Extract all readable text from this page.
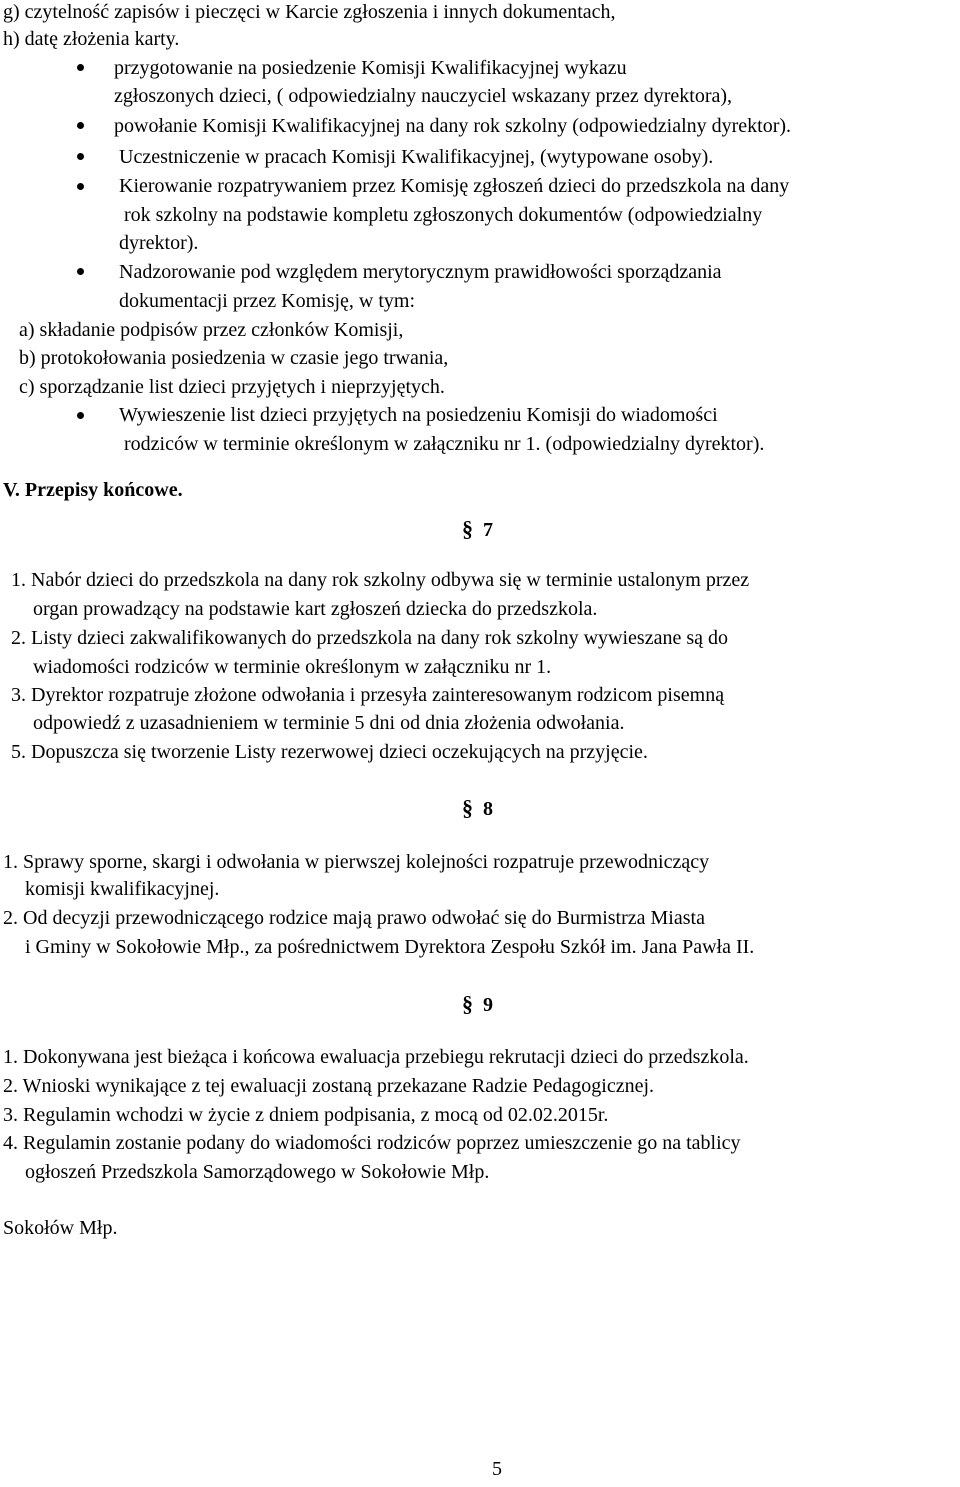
g) czytelność zapisów i pieczęci w Karcie zgłoszenia i innych dokumentach,
h) datę złożenia karty.
przygotowanie na posiedzenie Komisji Kwalifikacyjnej wykazu
zgłoszonych dzieci, ( odpowiedzialny nauczyciel wskazany przez dyrektora),
powołanie Komisji Kwalifikacyjnej na dany rok szkolny (odpowiedzialny dyrektor).
Uczestniczenie w pracach Komisji Kwalifikacyjnej, (wytypowane osoby).
Kierowanie rozpatrywaniem przez Komisję zgłoszeń dzieci do przedszkola na dany
rok szkolny na podstawie kompletu zgłoszonych dokumentów (odpowiedzialny
dyrektor).
Nadzorowanie pod względem merytorycznym prawidłowości sporządzania
dokumentacji przez Komisję, w tym:
a) składanie podpisów przez członków Komisji,
b) protokołowania posiedzenia w czasie jego trwania,
c) sporządzanie list dzieci przyjętych i nieprzyjętych.
Wywieszenie list dzieci przyjętych na posiedzeniu Komisji do wiadomości
rodziców w terminie określonym w załączniku nr 1. (odpowiedzialny dyrektor).
V. Przepisy końcowe.
§ 7
1. Nabór dzieci do przedszkola na dany rok szkolny odbywa się w terminie ustalonym przez
organ prowadzący na podstawie kart zgłoszeń dziecka do przedszkola.
2. Listy dzieci zakwalifikowanych do przedszkola na dany rok szkolny wywieszane są do
wiadomości rodziców w terminie określonym w załączniku nr 1.
3. Dyrektor rozpatruje złożone odwołania i przesyła zainteresowanym rodzicom pisemną
odpowiedź z uzasadnieniem w terminie 5 dni od dnia złożenia odwołania.
5. Dopuszcza się tworzenie Listy rezerwowej dzieci oczekujących na przyjęcie.
§ 8
1. Sprawy sporne, skargi i odwołania w pierwszej kolejności rozpatruje przewodniczący
komisji kwalifikacyjnej.
2. Od decyzji przewodniczącego rodzice mają prawo odwołać się do Burmistrza Miasta
i Gminy w Sokołowie Młp., za pośrednictwem Dyrektora Zespołu Szkół im. Jana Pawła II.
§ 9
1. Dokonywana jest bieżąca i końcowa ewaluacja przebiegu rekrutacji dzieci do przedszkola.
2. Wnioski wynikające z tej ewaluacji zostaną przekazane Radzie Pedagogicznej.
3. Regulamin wchodzi w życie z dniem podpisania, z mocą od 02.02.2015r.
4. Regulamin zostanie podany do wiadomości rodziców poprzez umieszczenie go na tablicy
ogłoszeń Przedszkola Samorządowego w Sokołowie Młp.
Sokołów Młp.
5
